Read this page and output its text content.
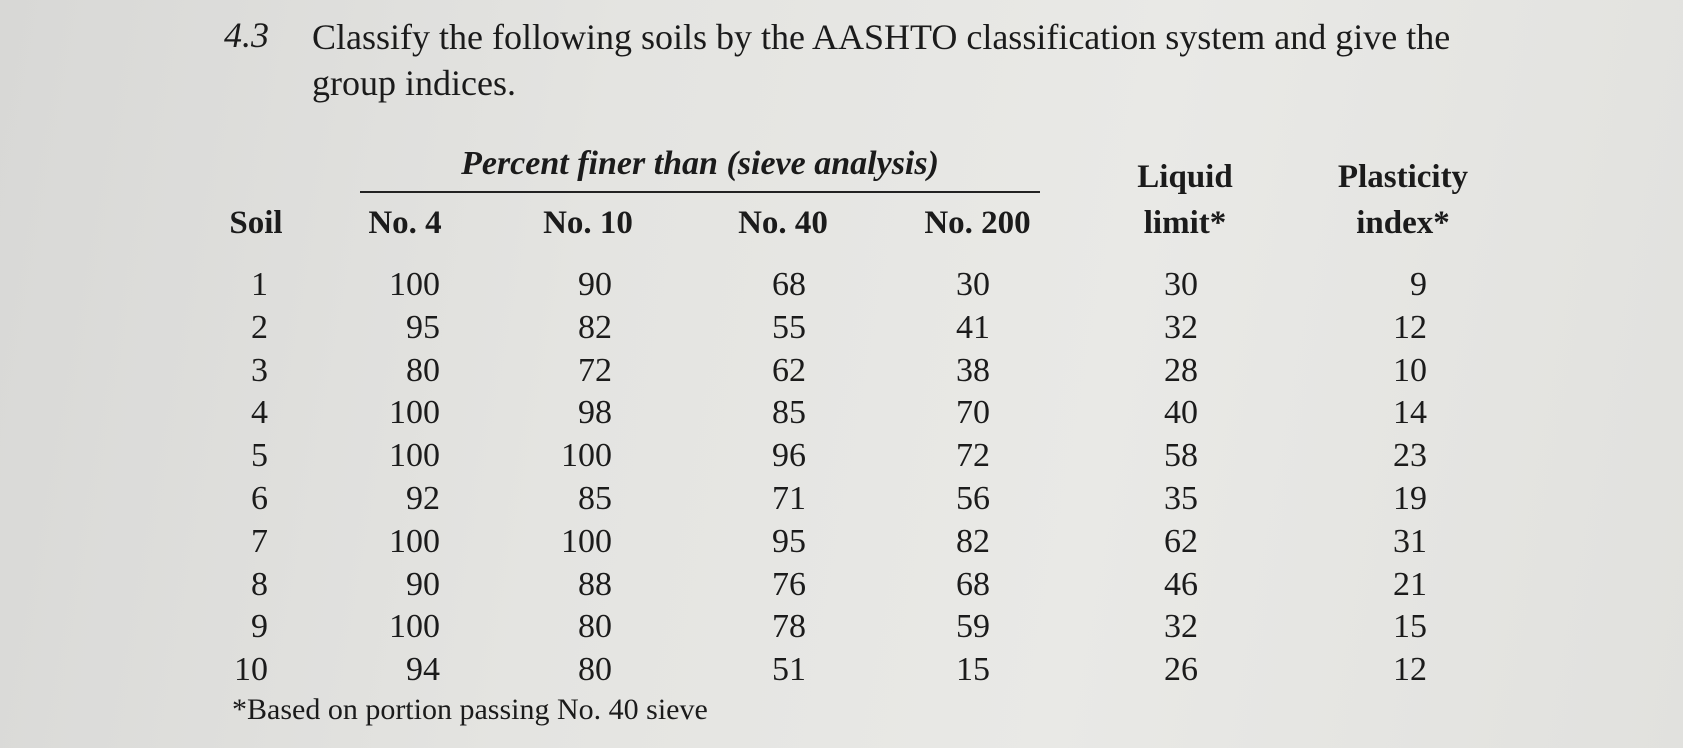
4.3 Classify the following soils by the AASHTO classification system and give the group indices.
Percent finer than (sieve analysis)
Soil	No. 4	No. 10	No. 40	No. 200
Liquid
limit*
Plasticity
index*
1	100	90	68	30	30	9
2	95	82	55	41	32	12
3	80	72	62	38	28	10
4	100	98	85	70	40	14
5	100	100	96	72	58	23
6	92	85	71	56	35	19
7	100	100	95	82	62	31
8	90	88	76	68	46	21
9	100	80	78	59	32	15
10	94	80	51	15	26	12
*Based on portion passing No. 40 sieve
